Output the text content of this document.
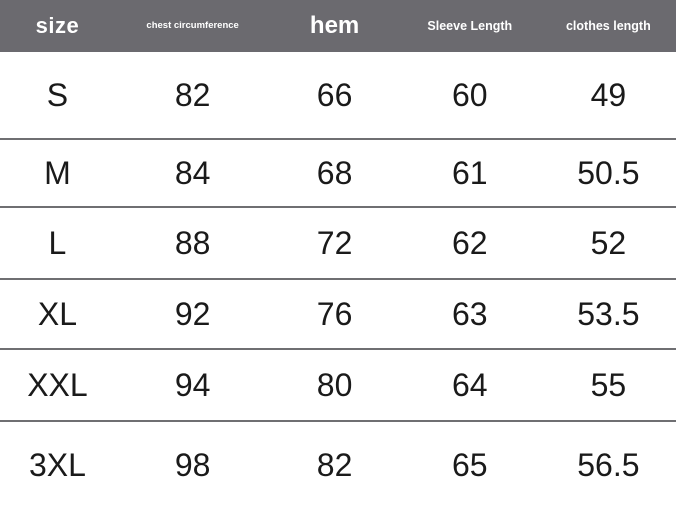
size	chest circumference	hem	Sleeve Length	clothes length
S	82	66	60	49
M	84	68	61	50.5
L	88	72	62	52
XL	92	76	63	53.5
XXL	94	80	64	55
3XL	98	82	65	56.5
